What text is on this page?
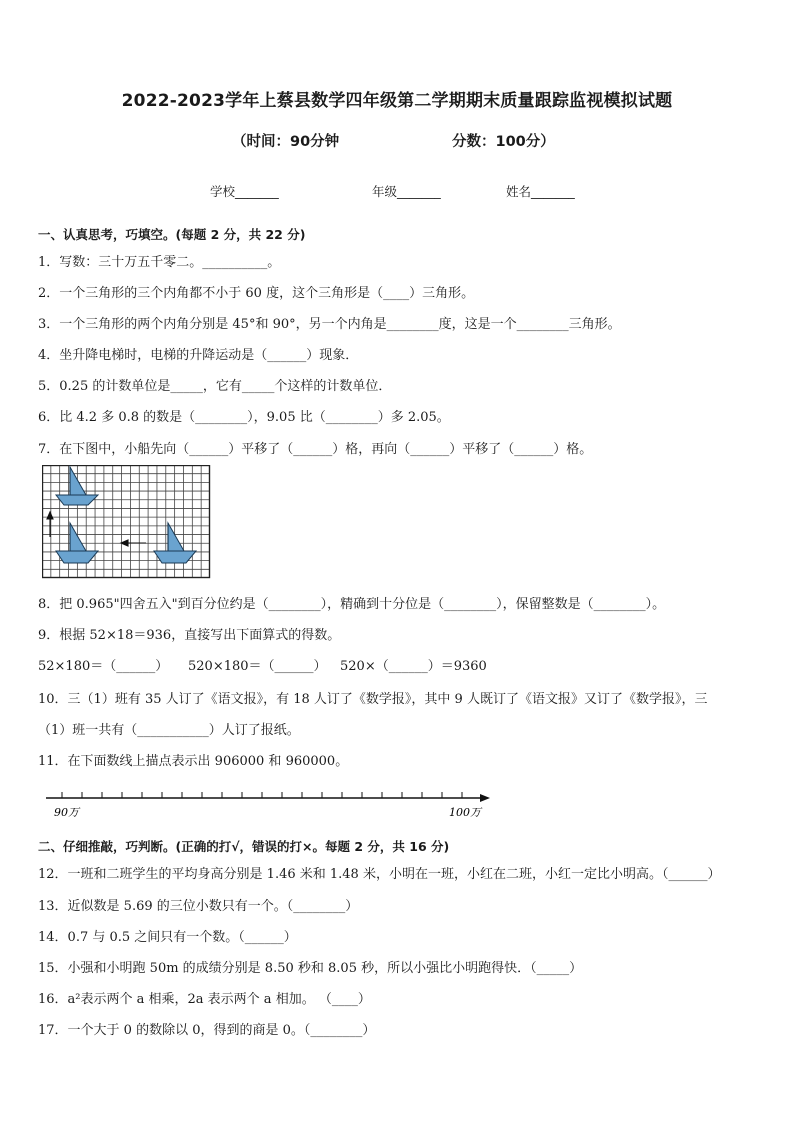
2022-2023学年上蔡县数学四年级第二学期期末质量跟踪监视模拟试题
（时间：90分钟	分数：100分）
学校_______	年级_______	姓名_______
一、认真思考，巧填空。(每题 2 分，共 22 分)
1．写数：三十万五千零二。__________。
2．一个三角形的三个内角都不小于 60 度，这个三角形是（____）三角形。
3．一个三角形的两个内角分别是 45°和 90°，另一个内角是________度，这是一个________三角形。
4．坐升降电梯时，电梯的升降运动是（______）现象．
5．0.25 的计数单位是_____，它有_____个这样的计数单位．
6．比 4.2 多 0.8 的数是（________），9.05 比（________）多 2.05。
7．在下图中，小船先向（______）平移了（______）格，再向（______）平移了（______）格。
8．把 0.965"四舍五入"到百分位约是（________），精确到十分位是（________），保留整数是（________）。
9．根据 52×18＝936，直接写出下面算式的得数。
52×180＝（______） 520×180＝（______） 520×（______）＝9360
10．三（1）班有 35 人订了《语文报》，有 18 人订了《数学报》，其中 9 人既订了《语文报》又订了《数学报》，三
（1）班一共有（___________）人订了报纸。
11．在下面数线上描点表示出 906000 和 960000。
90万	100万
二、仔细推敲，巧判断。(正确的打√，错误的打×。每题 2 分，共 16 分)
12．一班和二班学生的平均身高分别是 1.46 米和 1.48 米，小明在一班，小红在二班，小红一定比小明高。（______）
13．近似数是 5.69 的三位小数只有一个。（________）
14．0.7 与 0.5 之间只有一个数。（______）
15．小强和小明跑 50m 的成绩分别是 8.50 秒和 8.05 秒，所以小强比小明跑得快．（_____）
16．a²表示两个 a 相乘，2a 表示两个 a 相加。 （____）
17．一个大于 0 的数除以 0，得到的商是 0。（________）
